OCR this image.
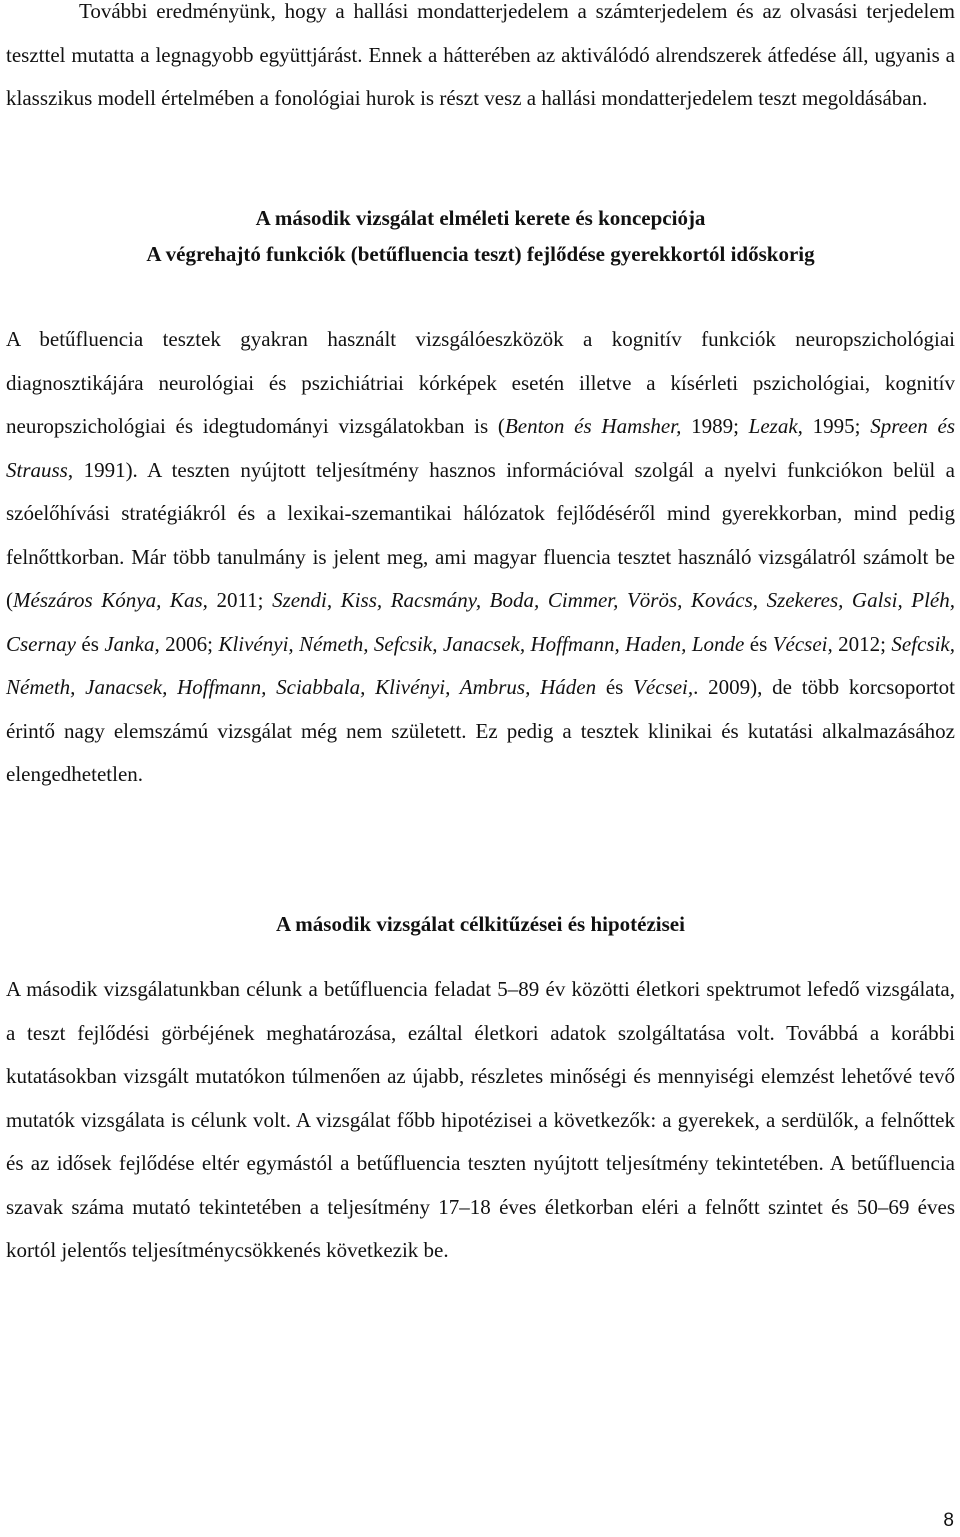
További eredményünk, hogy a hallási mondatterjedelem a számterjedelem és az olvasási terjedelem teszttel mutatta a legnagyobb együttjárást. Ennek a hátterében az aktiválódó alrendszerek átfedése áll, ugyanis a klasszikus modell értelmében a fonológiai hurok is részt vesz a hallási mondatterjedelem teszt megoldásában.

A második vizsgálat elméleti kerete és koncepciója

A végrehajtó funkciók (betűfluencia teszt) fejlődése gyerekkortól időskorig

A betűfluencia tesztek gyakran használt vizsgálóeszközök a kognitív funkciók neuropszichológiai diagnosztikájára neurológiai és pszichiátriai kórképek esetén illetve a kísérleti pszichológiai, kognitív neuropszichológiai és idegtudományi vizsgálatokban is (Benton és Hamsher, 1989; Lezak, 1995; Spreen és Strauss, 1991). A teszten nyújtott teljesítmény hasznos információval szolgál a nyelvi funkciókon belül a szóelőhívási stratégiákról és a lexikai-szemantikai hálózatok fejlődéséről mind gyerekkorban, mind pedig felnőttkorban. Már több tanulmány is jelent meg, ami magyar fluencia tesztet használó vizsgálatról számolt be (Mészáros Kónya, Kas, 2011; Szendi, Kiss, Racsmány, Boda, Cimmer, Vörös, Kovács, Szekeres, Galsi, Pléh, Csernay és Janka, 2006; Klivényi, Németh, Sefcsik, Janacsek, Hoffmann, Haden, Londe és Vécsei, 2012; Sefcsik, Németh, Janacsek, Hoffmann, Sciabbala, Klivényi, Ambrus, Háden és Vécsei,. 2009), de több korcsoportot érintő nagy elemszámú vizsgálat még nem született. Ez pedig a tesztek klinikai és kutatási alkalmazásához elengedhetetlen.

A második vizsgálat célkitűzései és hipotézisei

A második vizsgálatunkban célunk a betűfluencia feladat 5–89 év közötti életkori spektrumot lefedő vizsgálata, a teszt fejlődési görbéjének meghatározása, ezáltal életkori adatok szolgáltatása volt. Továbbá a korábbi kutatásokban vizsgált mutatókon túlmenően az újabb, részletes minőségi és mennyiségi elemzést lehetővé tevő mutatók vizsgálata is célunk volt. A vizsgálat főbb hipotézisei a következők: a gyerekek, a serdülők, a felnőttek és az idősek fejlődése eltér egymástól a betűfluencia teszten nyújtott teljesítmény tekintetében. A betűfluencia szavak száma mutató tekintetében a teljesítmény 17–18 éves életkorban eléri a felnőtt szintet és 50–69 éves kortól jelentős teljesítménycsökkenés következik be.

8
